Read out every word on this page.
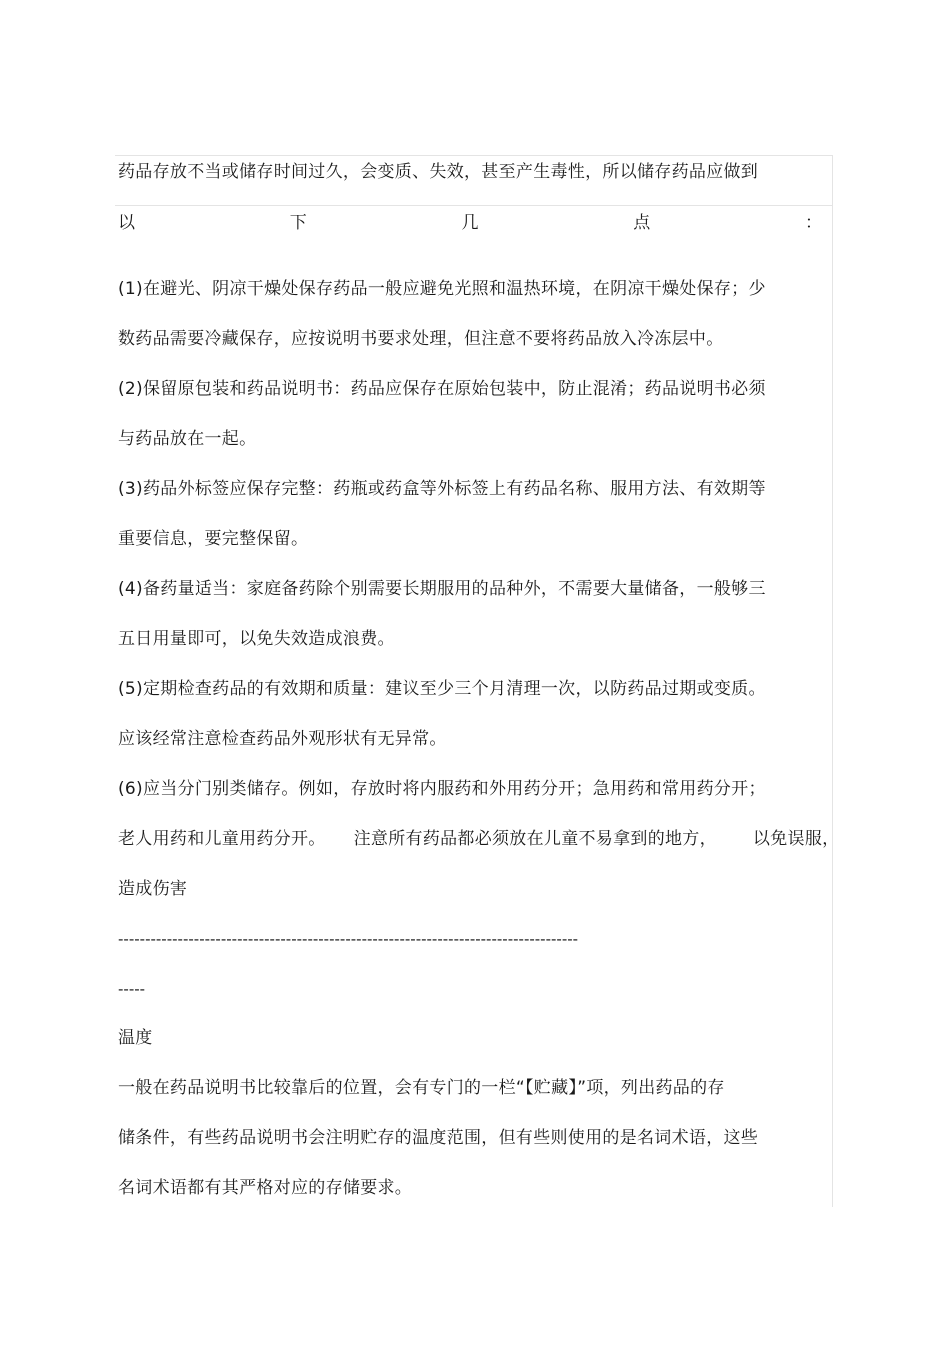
药品存放不当或储存时间过久，会变质、失效，甚至产生毒性，所以储存药品应做到
以	下	几	点	：
(1)在避光、阴凉干燥处保存药品一般应避免光照和温热环境，在阴凉干燥处保存；少
数药品需要冷藏保存，应按说明书要求处理，但注意不要将药品放入冷冻层中。
(2)保留原包装和药品说明书：药品应保存在原始包装中，防止混淆；药品说明书必须
与药品放在一起。
(3)药品外标签应保存完整：药瓶或药盒等外标签上有药品名称、服用方法、有效期等
重要信息，要完整保留。
(4)备药量适当：家庭备药除个别需要长期服用的品种外，不需要大量储备，一般够三
五日用量即可，以免失效造成浪费。
(5)定期检查药品的有效期和质量：建议至少三个月清理一次，以防药品过期或变质。
应该经常注意检查药品外观形状有无异常。
(6)应当分门别类储存。例如，存放时将内服药和外用药分开；急用药和常用药分开；
老人用药和儿童用药分开。 注意所有药品都必须放在儿童不易拿到的地方， 以免误服，
造成伤害
-------------------------------------------------------------------------------------
-----
温度
一般在药品说明书比较靠后的位置，会有专门的一栏“【贮藏】”项，列出药品的存
储条件，有些药品说明书会注明贮存的温度范围，但有些则使用的是名词术语，这些
名词术语都有其严格对应的存储要求。
